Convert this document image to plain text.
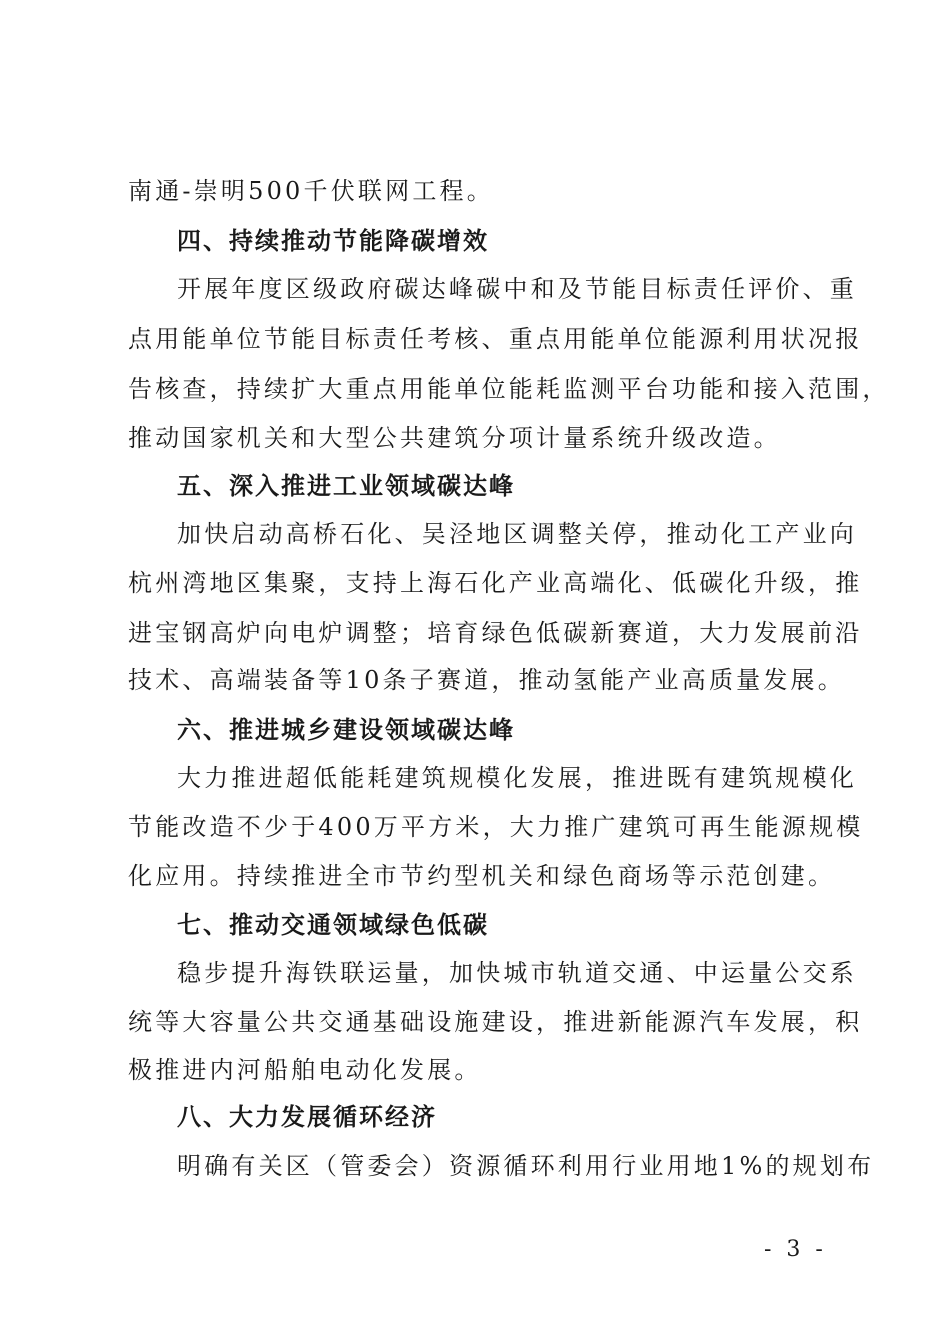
南通-崇明500千伏联网工程。
四、持续推动节能降碳增效
开展年度区级政府碳达峰碳中和及节能目标责任评价、重
点用能单位节能目标责任考核、重点用能单位能源利用状况报
告核查，持续扩大重点用能单位能耗监测平台功能和接入范围，
推动国家机关和大型公共建筑分项计量系统升级改造。
五、深入推进工业领域碳达峰
加快启动高桥石化、吴泾地区调整关停，推动化工产业向
杭州湾地区集聚，支持上海石化产业高端化、低碳化升级，推
进宝钢高炉向电炉调整；培育绿色低碳新赛道，大力发展前沿
技术、高端装备等10条子赛道，推动氢能产业高质量发展。
六、推进城乡建设领域碳达峰
大力推进超低能耗建筑规模化发展，推进既有建筑规模化
节能改造不少于400万平方米，大力推广建筑可再生能源规模
化应用。持续推进全市节约型机关和绿色商场等示范创建。
七、推动交通领域绿色低碳
稳步提升海铁联运量，加快城市轨道交通、中运量公交系
统等大容量公共交通基础设施建设，推进新能源汽车发展，积
极推进内河船舶电动化发展。
八、大力发展循环经济
明确有关区（管委会）资源循环利用行业用地1%的规划布
- 3 -
